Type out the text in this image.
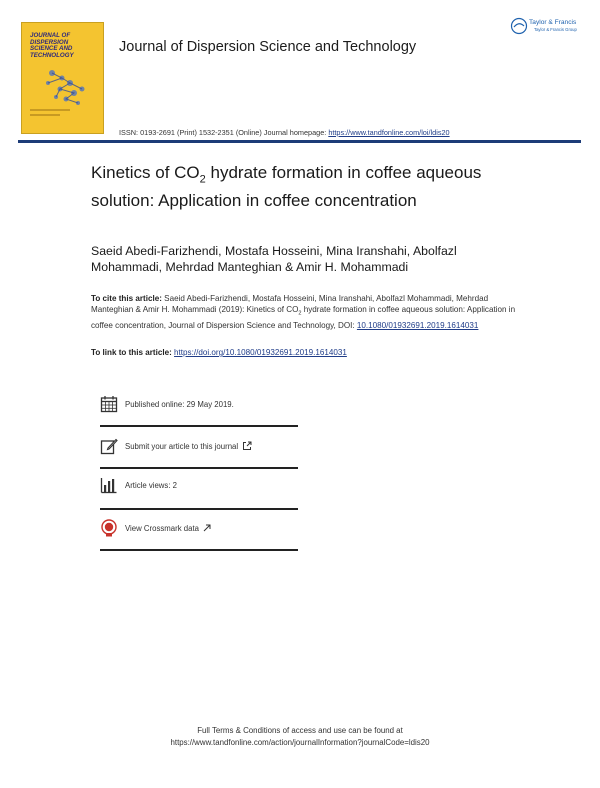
JOURNAL OF DISPERSION SCIENCE AND TECHNOLOGY
Journal of Dispersion Science and Technology
Taylor & Francis
Taylor & Francis Group
ISSN: 0193-2691 (Print) 1532-2351 (Online) Journal homepage: https://www.tandfonline.com/loi/ldis20
Kinetics of $CO_2$ hydrate formation in coffee aqueous solution: Application in coffee concentration
Saeid Abedi-Farizhendi, Mostafa Hosseini, Mina Iranshahi, Abolfazl Mohammadi, Mehrdad Manteghian & Amir H. Mohammadi
To cite this article: Saeid Abedi-Farizhendi, Mostafa Hosseini, Mina Iranshahi, Abolfazl Mohammadi, Mehrdad Manteghian & Amir H. Mohammadi (2019): Kinetics of $CO_2$ hydrate formation in coffee aqueous solution: Application in coffee concentration, Journal of Dispersion Science and Technology, DOI: 10.1080/01932691.2019.1614031
To link to this article: https://doi.org/10.1080/01932691.2019.1614031
Published online: 29 May 2019.
Submit your article to this journal
Article views: 2
View Crossmark data
Full Terms & Conditions of access and use can be found at
https://www.tandfonline.com/action/journalInformation?journalCode=ldis20
